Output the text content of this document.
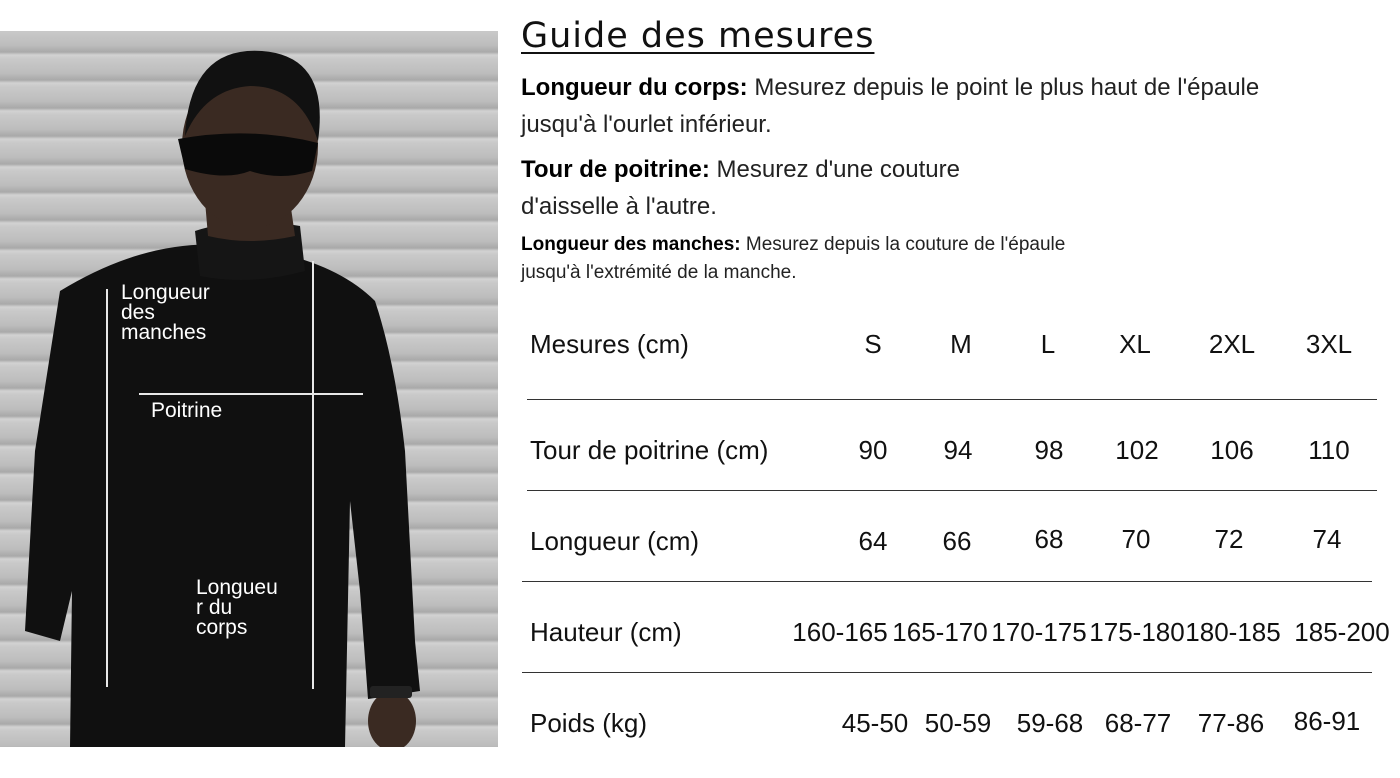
Longueur
des
manches
Poitrine
Longueu
r du
corps
Guide des mesures

Longueur du corps: Mesurez depuis le point le plus haut de l'épaule jusqu'à l'ourlet inférieur.

Tour de poitrine: Mesurez d'une couture d'aisselle à l'autre.

Longueur des manches: Mesurez depuis la couture de l'épaule jusqu'à l'extrémité de la manche.

Mesures (cm)	S	M	L XL 2XL 3XL
Tour de poitrine (cm)	90 94 98 102 106 110
Longueur (cm)	64 66 68 70 72	74
Hauteur (cm)	160-165 165-170 170-175 175-180 180-185 185-200
Poids (kg)	45-50 50-59 59-68 68-77 77-86 86-91
